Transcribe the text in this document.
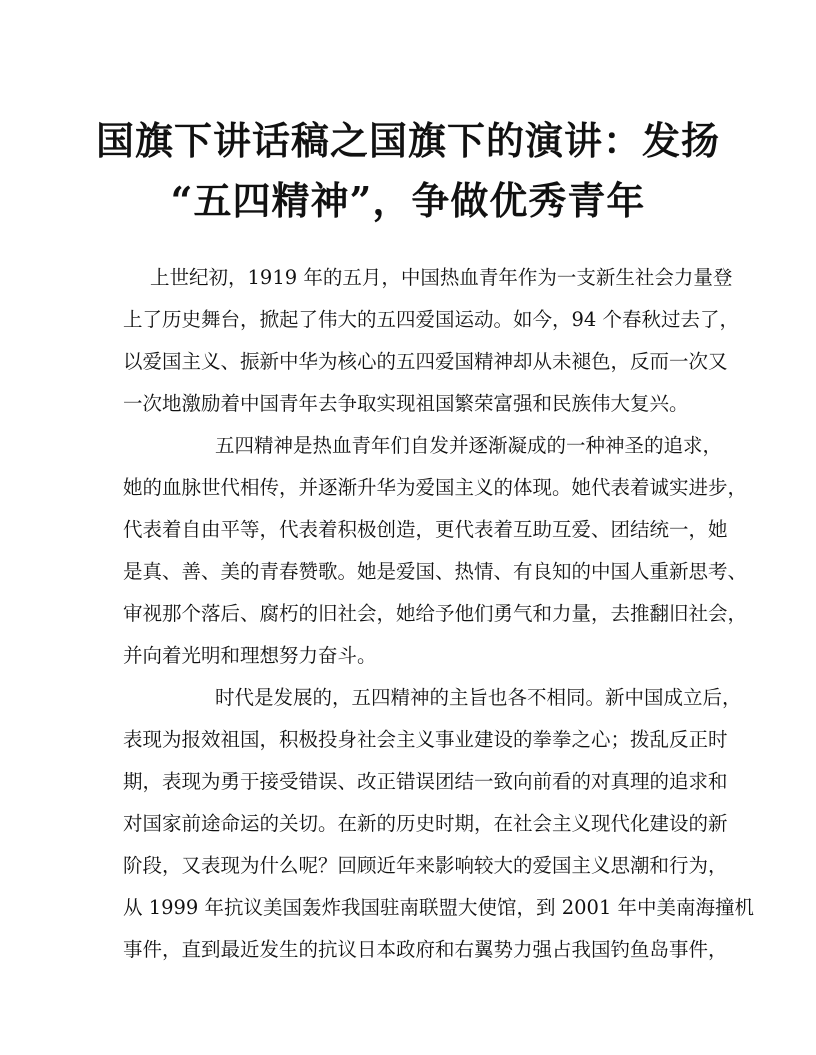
国旗下讲话稿之国旗下的演讲：发扬
“五四精神”，争做优秀青年

上世纪初，1919 年的五月，中国热血青年作为一支新生社会力量登

上了历史舞台，掀起了伟大的五四爱国运动。如今，94 个春秋过去了，

以爱国主义、振新中华为核心的五四爱国精神却从未褪色，反而一次又

一次地激励着中国青年去争取实现祖国繁荣富强和民族伟大复兴。

五四精神是热血青年们自发并逐渐凝成的一种神圣的追求，

她的血脉世代相传，并逐渐升华为爱国主义的体现。她代表着诚实进步，

代表着自由平等，代表着积极创造，更代表着互助互爱、团结统一，她

是真、善、美的青春赞歌。她是爱国、热情、有良知的中国人重新思考、

审视那个落后、腐朽的旧社会，她给予他们勇气和力量，去推翻旧社会，

并向着光明和理想努力奋斗。

时代是发展的，五四精神的主旨也各不相同。新中国成立后，

表现为报效祖国，积极投身社会主义事业建设的拳拳之心；拨乱反正时

期，表现为勇于接受错误、改正错误团结一致向前看的对真理的追求和

对国家前途命运的关切。在新的历史时期，在社会主义现代化建设的新

阶段，又表现为什么呢？回顾近年来影响较大的爱国主义思潮和行为，

从 1999 年抗议美国轰炸我国驻南联盟大使馆，到 2001 年中美南海撞机

事件，直到最近发生的抗议日本政府和右翼势力强占我国钓鱼岛事件，
